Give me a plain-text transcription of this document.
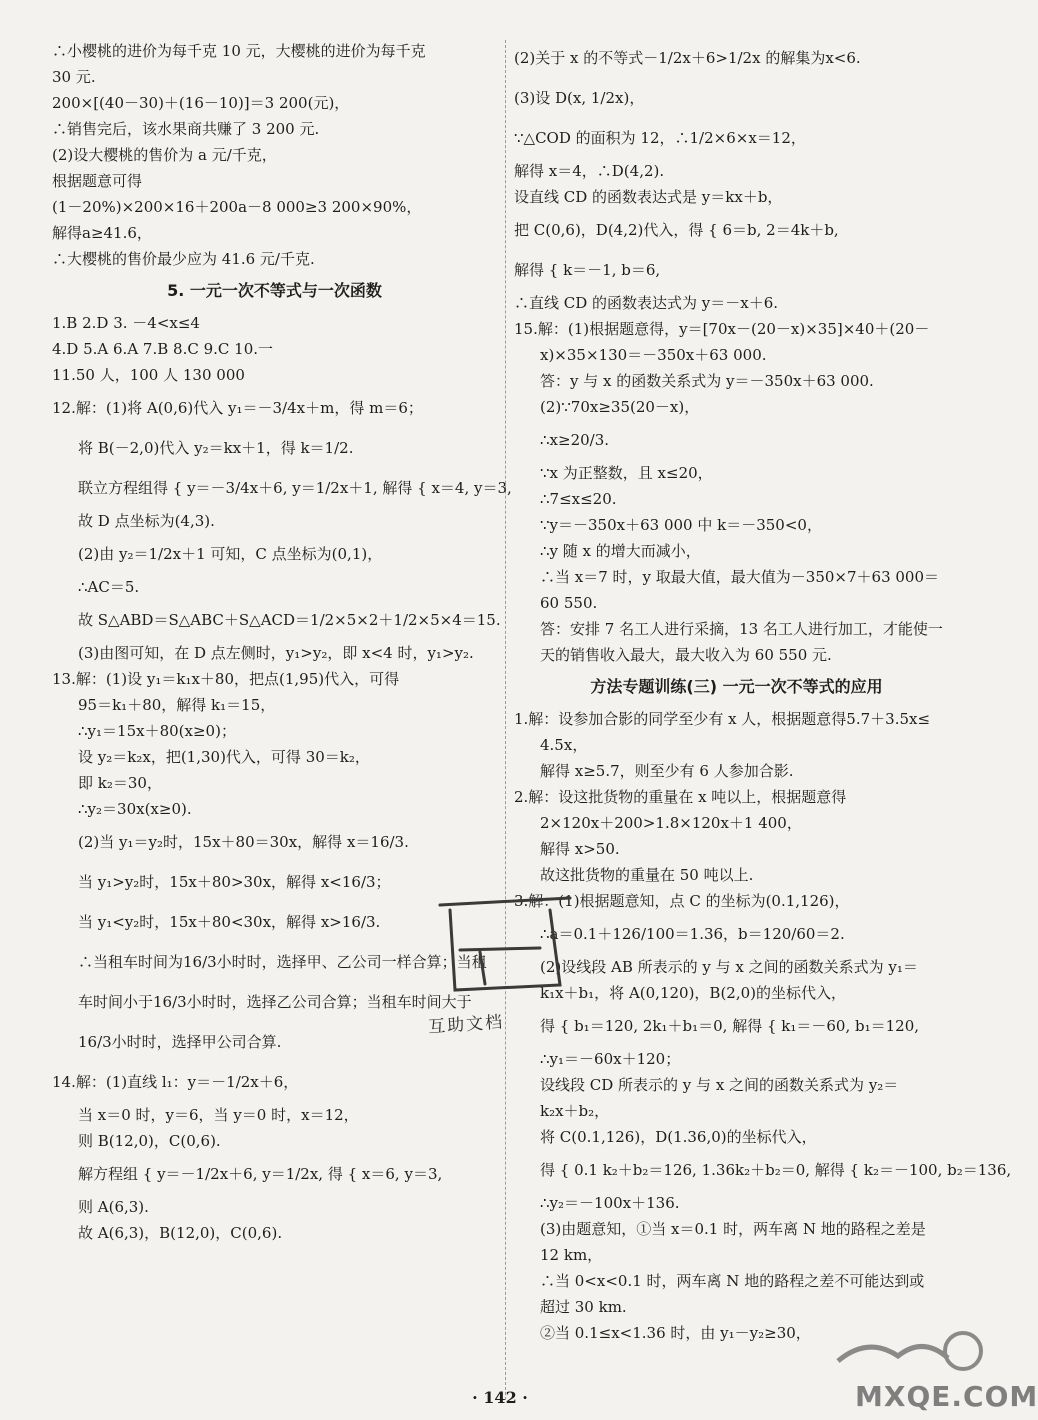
∴小樱桃的进价为每千克 10 元，大樱桃的进价为每千克
30 元.
200×[(40－30)＋(16－10)]＝3 200(元)，
∴销售完后，该水果商共赚了 3 200 元.
(2)设大樱桃的售价为 a 元/千克，
根据题意可得
(1－20%)×200×16＋200a－8 000≥3 200×90%，
解得a≥41.6，
∴大樱桃的售价最少应为 41.6 元/千克.
5. 一元一次不等式与一次函数
1.B 2.D 3. －4<x≤4
4.D 5.A 6.A 7.B 8.C 9.C 10.一
11.50 人，100 人 130 000
12.解：(1)将 A(0,6)代入 y₁＝－3/4x＋m，得 m＝6；
将 B(－2,0)代入 y₂＝kx＋1，得 k＝1/2.
联立方程组得 { y＝－3/4x＋6, y＝1/2x＋1, 解得 { x＝4, y＝3,
故 D 点坐标为(4,3).
(2)由 y₂＝1/2x＋1 可知，C 点坐标为(0,1)，
∴AC＝5.
故 S△ABD＝S△ABC＋S△ACD＝1/2×5×2＋1/2×5×4＝15.
(3)由图可知，在 D 点左侧时，y₁>y₂，即 x<4 时，y₁>y₂.
13.解：(1)设 y₁＝k₁x＋80，把点(1,95)代入，可得
95＝k₁＋80，解得 k₁＝15，
∴y₁＝15x＋80(x≥0)；
设 y₂＝k₂x，把(1,30)代入，可得 30＝k₂，
即 k₂＝30，
∴y₂＝30x(x≥0).
(2)当 y₁＝y₂时，15x＋80＝30x，解得 x＝16/3.
当 y₁>y₂时，15x＋80>30x，解得 x<16/3；
当 y₁<y₂时，15x＋80<30x，解得 x>16/3.
∴当租车时间为16/3小时时，选择甲、乙公司一样合算；当租
车时间小于16/3小时时，选择乙公司合算；当租车时间大于
16/3小时时，选择甲公司合算.
14.解：(1)直线 l₁：y＝－1/2x＋6，
当 x＝0 时，y＝6，当 y＝0 时，x＝12，
则 B(12,0)，C(0,6).
解方程组 { y＝－1/2x＋6, y＝1/2x, 得 { x＝6, y＝3,
则 A(6,3).
故 A(6,3)，B(12,0)，C(0,6).
(2)关于 x 的不等式－1/2x＋6>1/2x 的解集为x<6.
(3)设 D(x, 1/2x)，
∵△COD 的面积为 12，∴1/2×6×x＝12，
解得 x＝4，∴D(4,2).
设直线 CD 的函数表达式是 y＝kx＋b，
把 C(0,6)，D(4,2)代入，得 { 6＝b, 2＝4k＋b,
解得 { k＝－1, b＝6,
∴直线 CD 的函数表达式为 y＝－x＋6.
15.解：(1)根据题意得，y＝[70x－(20－x)×35]×40＋(20－
x)×35×130＝－350x＋63 000.
答：y 与 x 的函数关系式为 y＝－350x＋63 000.
(2)∵70x≥35(20－x)，
∴x≥20/3.
∵x 为正整数，且 x≤20，
∴7≤x≤20.
∵y＝－350x＋63 000 中 k＝－350<0，
∴y 随 x 的增大而减小，
∴当 x＝7 时，y 取最大值，最大值为－350×7＋63 000＝
60 550.
答：安排 7 名工人进行采摘，13 名工人进行加工，才能使一
天的销售收入最大，最大收入为 60 550 元.
方法专题训练(三) 一元一次不等式的应用
1.解：设参加合影的同学至少有 x 人，根据题意得5.7＋3.5x≤
4.5x，
解得 x≥5.7，则至少有 6 人参加合影.
2.解：设这批货物的重量在 x 吨以上，根据题意得
2×120x＋200>1.8×120x＋1 400，
解得 x>50.
故这批货物的重量在 50 吨以上.
3.解：(1)根据题意知，点 C 的坐标为(0.1,126)，
∴a＝0.1＋126/100＝1.36，b＝120/60＝2.
(2)设线段 AB 所表示的 y 与 x 之间的函数关系式为 y₁＝
k₁x＋b₁，将 A(0,120)，B(2,0)的坐标代入，
得 { b₁＝120, 2k₁＋b₁＝0, 解得 { k₁＝－60, b₁＝120,
∴y₁＝－60x＋120；
设线段 CD 所表示的 y 与 x 之间的函数关系式为 y₂＝
k₂x＋b₂，
将 C(0.1,126)，D(1.36,0)的坐标代入，
得 { 0.1 k₂＋b₂＝126, 1.36k₂＋b₂＝0, 解得 { k₂＝－100, b₂＝136,
∴y₂＝－100x＋136.
(3)由题意知，①当 x＝0.1 时，两车离 N 地的路程之差是
12 km，
∴当 0<x<0.1 时，两车离 N 地的路程之差不可能达到或
超过 30 km.
②当 0.1≤x<1.36 时，由 y₁－y₂≥30，
互助文档
MXQE.COM
· 142 ·
